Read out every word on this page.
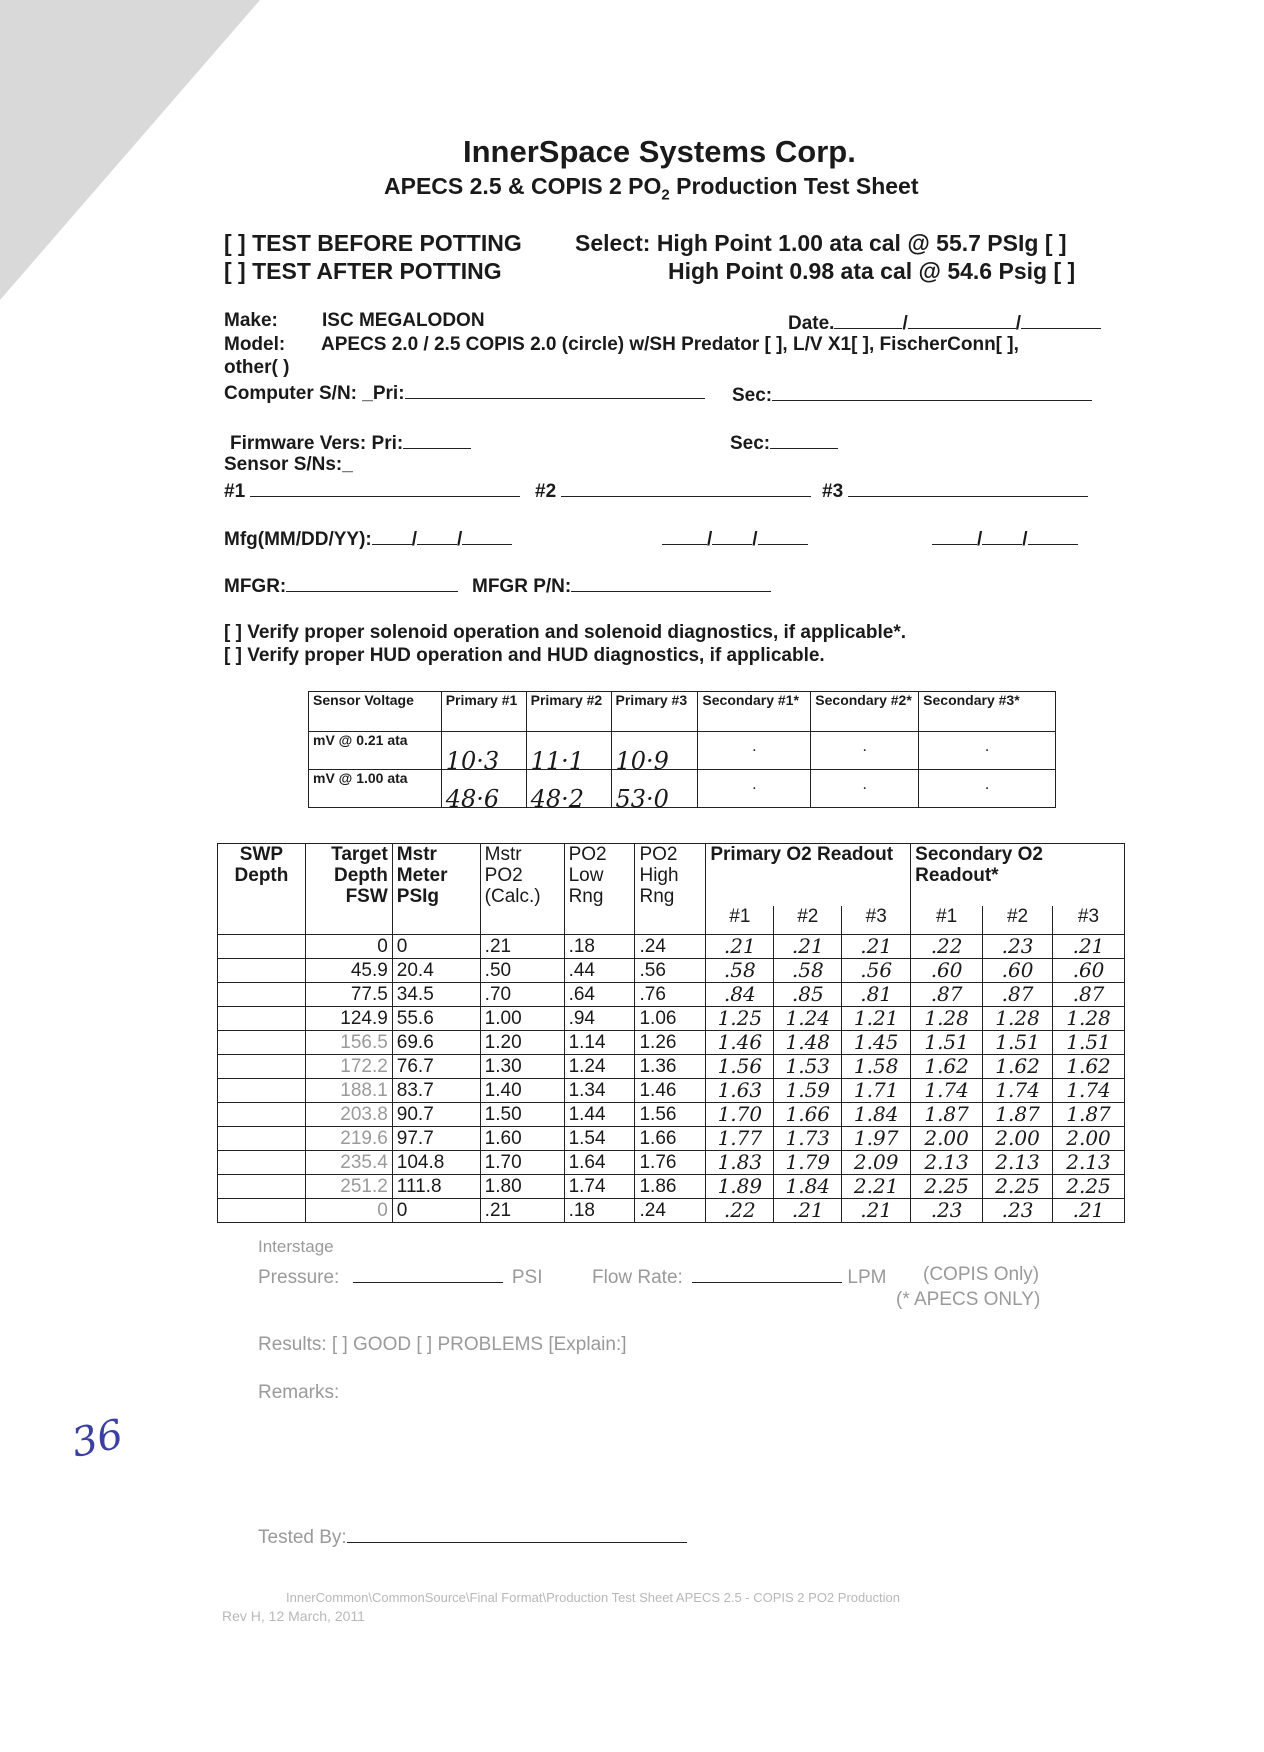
InnerSpace Systems Corp.
APECS 2.5 & COPIS 2 $PO_2$ Production Test Sheet
[ ] TEST BEFORE POTTING
[ ] TEST AFTER POTTING
Select: High Point 1.00 ata cal @ 55.7 PSIg [ ]
High Point 0.98 ata cal @ 54.6 Psig [ ]
Make: ISC MEGALODON	Date.	/	/
Model: APECS 2.0 / 2.5 COPIS 2.0 (circle) w/SH Predator [ ], L/V X1[ ], FischerConn[ ],
other( )
Computer S/N: _Pri:	Sec:
Firmware Vers: Pri:	Sec:
Sensor S/Ns:_
#1	#2	#3
Mfg(MM/DD/YY): / /	/ /	/ /
MFGR:	MFGR P/N:
[ ] Verify proper solenoid operation and solenoid diagnostics, if applicable*.
[ ] Verify proper HUD operation and HUD diagnostics, if applicable.
Sensor Voltage	Primary #1	Primary #2	Primary #3	Secondary #1*	Secondary #2*	Secondary #3*
mV @ 0.21 ata	10·3	11·1	10·9	·	·	·
mV @ 1.00 ata	48·6	48·2	53·0	·	·	·
SWP Depth	Target Depth FSW	Mstr Meter PSIg	Mstr PO2 (Calc.)	PO2 Low Rng	PO2 High Rng	Primary O2 Readout			Secondary O2 Readout*		
						#1	#2	#3	#1	#2	#3
	0	0	.21	.18	.24	.21	.21	.21	.22	.23	.21
	45.9	20.4	.50	.44	.56	.58	.58	.56	.60	.60	.60
	77.5	34.5	.70	.64	.76	.84	.85	.81	.87	.87	.87
	124.9	55.6	1.00	.94	1.06	1.25	1.24	1.21	1.28	1.28	1.28
	156.5	69.6	1.20	1.14	1.26	1.46	1.48	1.45	1.51	1.51	1.51
	172.2	76.7	1.30	1.24	1.36	1.56	1.53	1.58	1.62	1.62	1.62
	188.1	83.7	1.40	1.34	1.46	1.63	1.59	1.71	1.74	1.74	1.74
	203.8	90.7	1.50	1.44	1.56	1.70	1.66	1.84	1.87	1.87	1.87
	219.6	97.7	1.60	1.54	1.66	1.77	1.73	1.97	2.00	2.00	2.00
	235.4	104.8	1.70	1.64	1.76	1.83	1.79	2.09	2.13	2.13	2.13
	251.2	111.8	1.80	1.74	1.86	1.89	1.84	2.21	2.25	2.25	2.25
	0	0	.21	.18	.24	.22	.21	.21	.23	.23	.21
Interstage
Pressure:	PSI	Flow Rate:	LPM (COPIS Only)
(* APECS ONLY)
Results: [ ] GOOD [ ] PROBLEMS [Explain:]
Remarks:
36
Tested By:
InnerCommon\CommonSource\Final Format\Production Test Sheet APECS 2.5 - COPIS 2 PO2 Production
Rev H, 12 March, 2011
